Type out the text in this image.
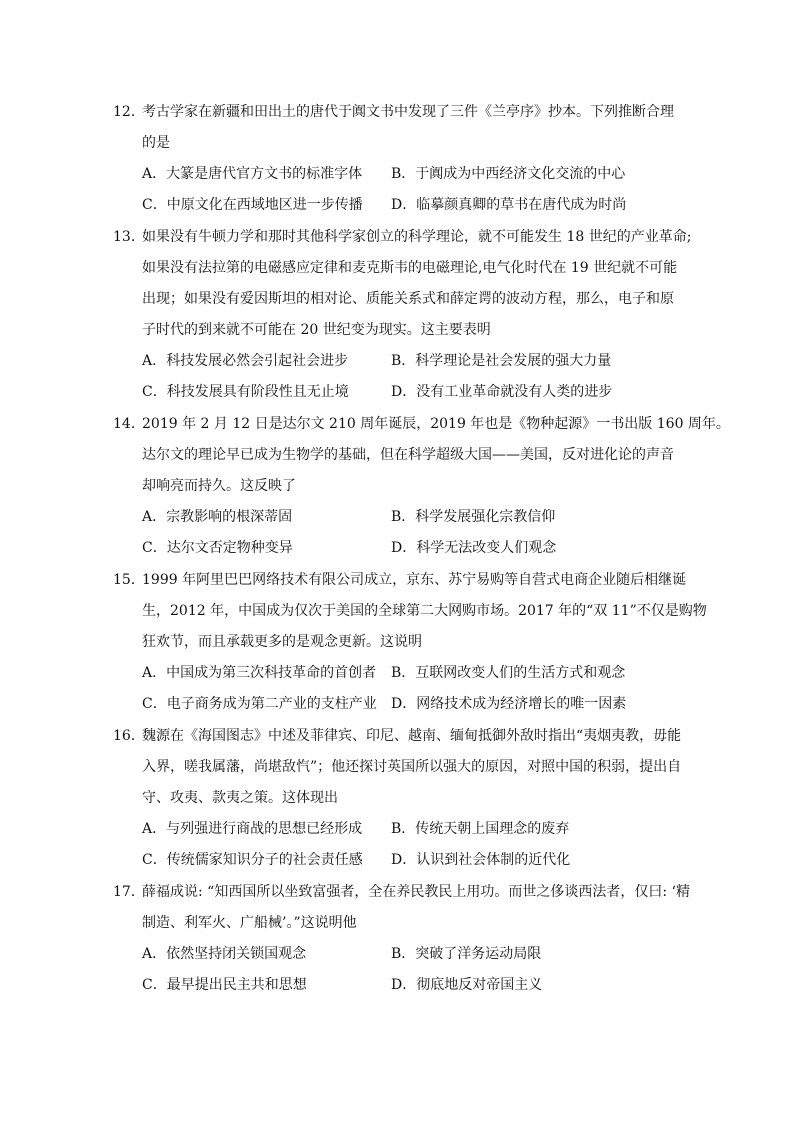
12．考古学家在新疆和田出土的唐代于阗文书中发现了三件《兰亭序》抄本。下列推断合理
的是
A．大篆是唐代官方文书的标准字体 B．于阗成为中西经济文化交流的中心
C．中原文化在西域地区进一步传播 D．临摹颜真卿的草书在唐代成为时尚
13．如果没有牛顿力学和那时其他科学家创立的科学理论，就不可能发生 18 世纪的产业革命;
如果没有法拉第的电磁感应定律和麦克斯韦的电磁理论,电气化时代在 19 世纪就不可能
出现；如果没有爱因斯坦的相对论、质能关系式和薛定谔的波动方程，那么，电子和原
子时代的到来就不可能在 20 世纪变为现实。这主要表明
A．科技发展必然会引起社会进步	B．科学理论是社会发展的强大力量
C．科技发展具有阶段性且无止境	D．没有工业革命就没有人类的进步
14．2019 年 2 月 12 日是达尔文 210 周年诞辰，2019 年也是《物种起源》一书出版 160 周年。
达尔文的理论早已成为生物学的基础，但在科学超级大国——美国，反对进化论的声音
却响亮而持久。这反映了
A．宗教影响的根深蒂固	B．科学发展强化宗教信仰
C．达尔文否定物种变异	D．科学无法改变人们观念
15．1999 年阿里巴巴网络技术有限公司成立，京东、苏宁易购等自营式电商企业随后相继诞
生，2012 年，中国成为仅次于美国的全球第二大网购市场。2017 年的“双 11”不仅是购物
狂欢节，而且承载更多的是观念更新。这说明
A．中国成为第三次科技革命的首创者 B．互联网改变人们的生活方式和观念
C．电子商务成为第二产业的支柱产业 D．网络技术成为经济增长的唯一因素
16．魏源在《海国图志》中述及菲律宾、印尼、越南、缅甸抵御外敌时指出“夷烟夷教，毋能
入界，嗟我属藩，尚堪敌忾”；他还探讨英国所以强大的原因，对照中国的积弱，提出自
守、攻夷、款夷之策。这体现出
A．与列强进行商战的思想已经形成 B．传统天朝上国理念的废弃
C．传统儒家知识分子的社会责任感 D．认识到社会体制的近代化
17．薛福成说: “知西国所以坐致富强者，全在养民教民上用功。而世之侈谈西法者，仅曰: ‘精
制造、利军火、广船械’。”这说明他
A．依然坚持闭关锁国观念	B．突破了洋务运动局限
C．最早提出民主共和思想	D．彻底地反对帝国主义
